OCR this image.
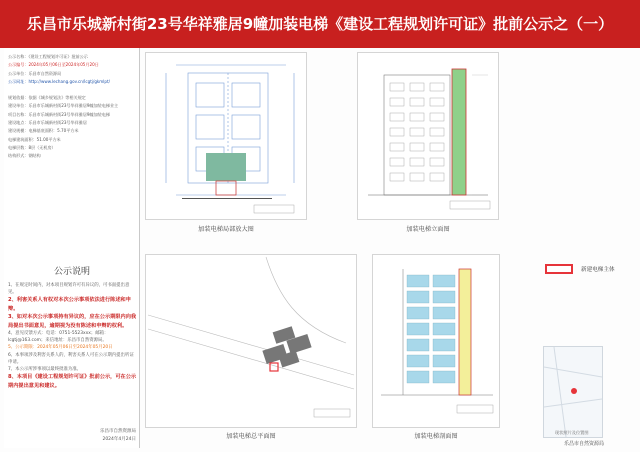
乐昌市乐城新村街23号华祥雅居9幢加装电梯《建设工程规划许可证》批前公示之（一）
公示名称：《建设工程规划许可证》批前公示
公示编号：2024年05月06日至2024年05月20日
公示单位：乐昌市自然资源局
公示网址：http://www.lechang.gov.cn/lcgtj/gkmlpt/
规划依据：依据《城乡规划法》等相关规定
建设单位：乐昌市乐城新村街23号华祥雅居9幢加装电梯业主
项目名称：乐昌市乐城新村街23号华祥雅居9幢加装电梯
建设地点：乐昌市乐城新村街23号华祥雅居
建设规模：电梯基底面积：5.70平方米
电梯建筑面积：51.00平方米
电梯层数：8层（无机房）
结构形式：钢结构
公示说明
1、在规定时间内，对本项目规划许可有异议的，可书面提出意见。
2、利害关系人有权对本次公示事项依法进行陈述和申辩。
3、如对本次公示事项持有异议的，应在公示期限内向我局提出书面意见，逾期视为没有陈述和申辩的权利。
4、意见反馈方式：电话：0751-5523xxx；邮箱：lcgtj@163.com；来信地址：乐昌市自然资源局。
5、公示期限：2024年05月06日至2024年05月20日
6、本事项涉及利害关系人的，利害关系人可在公示期内提出听证申请。
7、本公示所涉事项以最终批准为准。
8、本项目《建设工程规划许可证》批前公示，可在公示期内提出意见和建议。
乐昌市自然资源局
2024年4月24日
加装电梯局部放大图	加装电梯立面图
新建电梯主体
加装电梯总平面图	加装电梯剖面图
现状照片及位置图
乐昌市自然资源局
